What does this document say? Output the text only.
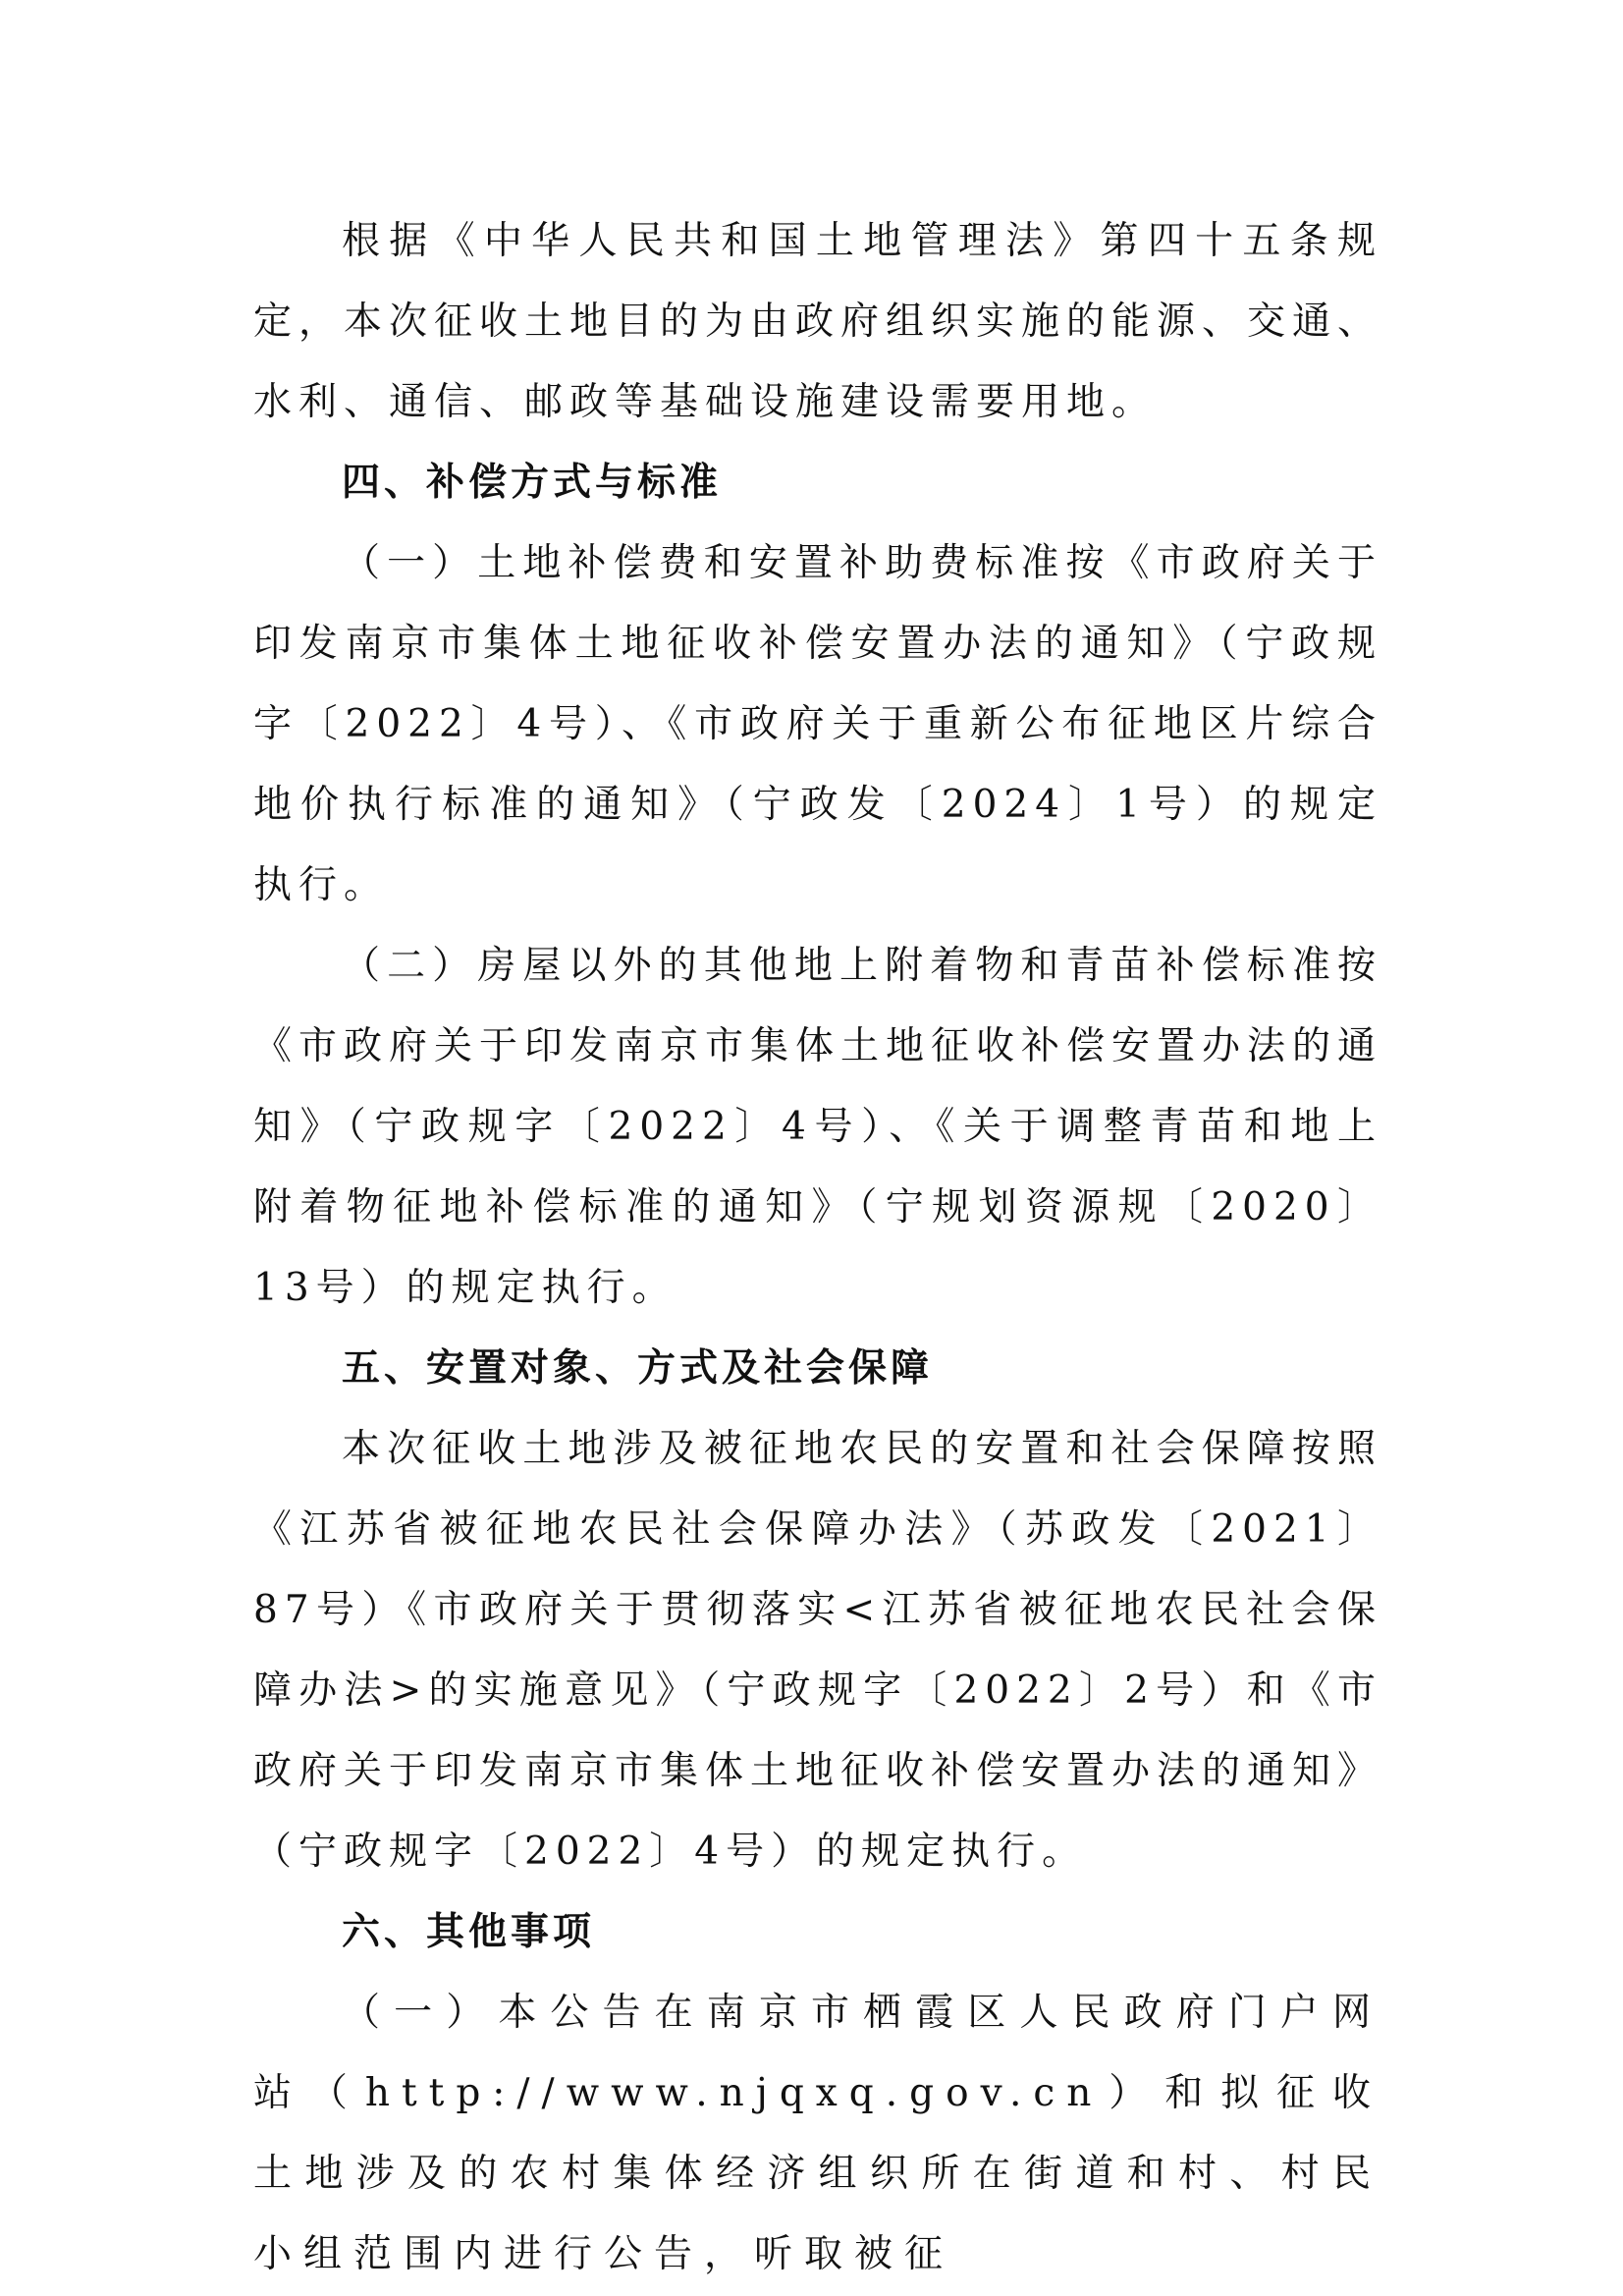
根据《中华人民共和国土地管理法》第四十五条规定，本次征收土地目的为由政府组织实施的能源、交通、水利、通信、邮政等基础设施建设需要用地。

四、补偿方式与标准

（一）土地补偿费和安置补助费标准按《市政府关于印发南京市集体土地征收补偿安置办法的通知》（宁政规字〔2022〕4号）、《市政府关于重新公布征地区片综合地价执行标准的通知》（宁政发〔2024〕1号）的规定执行。

（二）房屋以外的其他地上附着物和青苗补偿标准按《市政府关于印发南京市集体土地征收补偿安置办法的通知》（宁政规字〔2022〕4号）、《关于调整青苗和地上附着物征地补偿标准的通知》（宁规划资源规〔2020〕13号）的规定执行。

五、安置对象、方式及社会保障

本次征收土地涉及被征地农民的安置和社会保障按照《江苏省被征地农民社会保障办法》（苏政发〔2021〕87号）《市政府关于贯彻落实<江苏省被征地农民社会保障办法>的实施意见》（宁政规字〔2022〕2号）和《市政府关于印发南京市集体土地征收补偿安置办法的通知》（宁政规字〔2022〕4号）的规定执行。

六、其他事项

（一）本公告在南京市栖霞区人民政府门户网站（http://www.njqxq.gov.cn）和拟征收土地涉及的农村集体经济组织所在街道和村、村民小组范围内进行公告，听取被征
